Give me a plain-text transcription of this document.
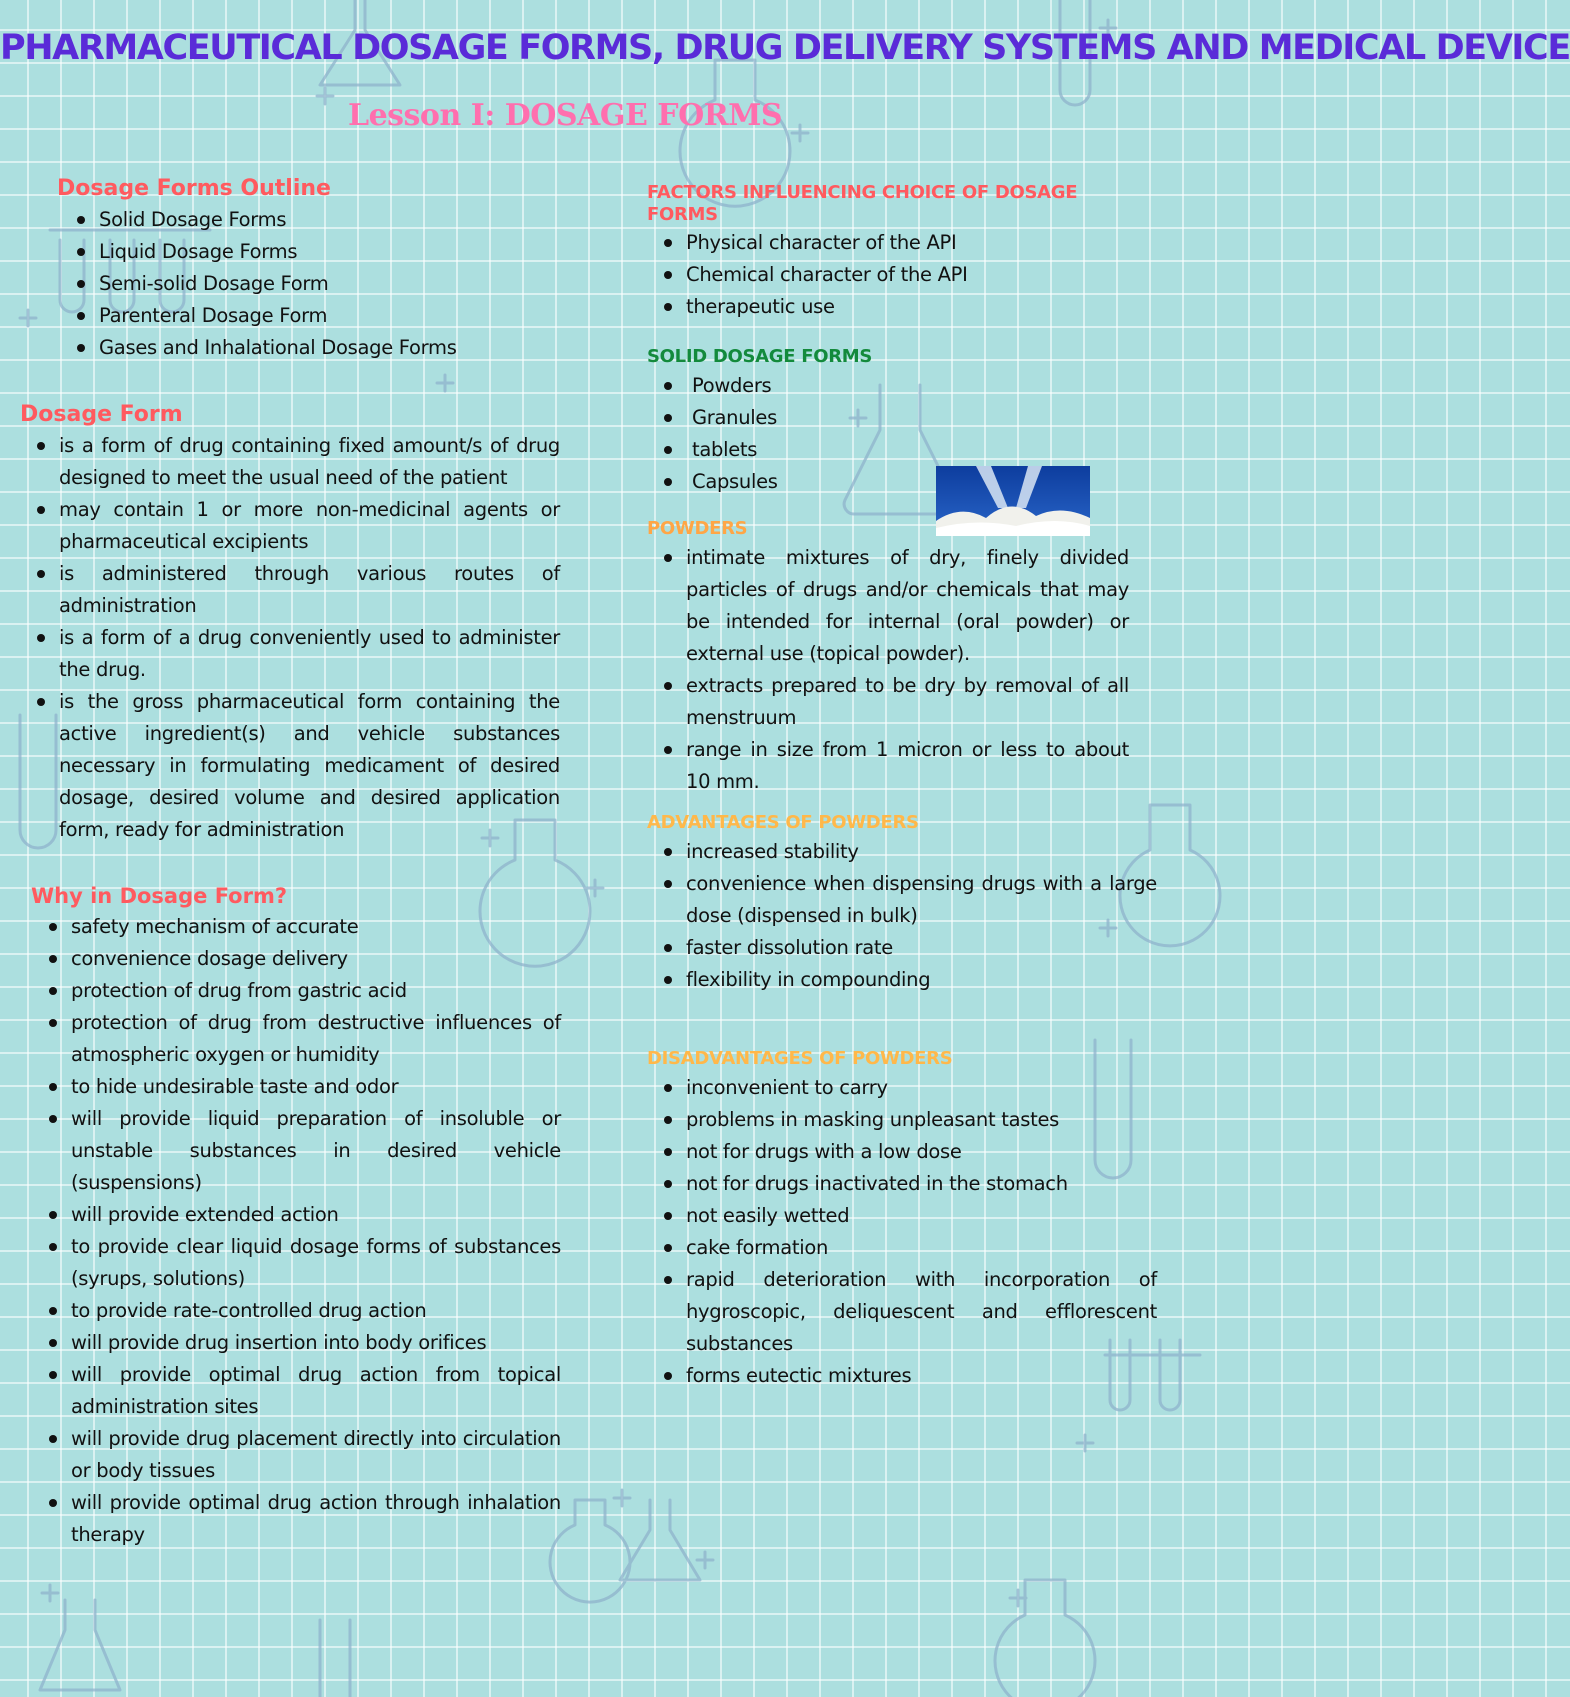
PHARMACEUTICAL DOSAGE FORMS, DRUG DELIVERY SYSTEMS AND MEDICAL DEVICE
Lesson I: DOSAGE FORMS
Dosage Forms Outline
Solid Dosage Forms
Liquid Dosage Forms
Semi-solid Dosage Form
Parenteral Dosage Form
Gases and Inhalational Dosage Forms
Dosage Form
is a form of drug containing fixed amount/s of drug designed to meet the usual need of the patient
may contain 1 or more non-medicinal agents or pharmaceutical excipients
is administered through various routes of administration
is a form of a drug conveniently used to administer the drug.
is the gross pharmaceutical form containing the active ingredient(s) and vehicle substances necessary in formulating medicament of desired dosage, desired volume and desired application form, ready for administration
Why in Dosage Form?
safety mechanism of accurate
convenience dosage delivery
protection of drug from gastric acid
protection of drug from destructive influences of atmospheric oxygen or humidity
to hide undesirable taste and odor
will provide liquid preparation of insoluble or unstable substances in desired vehicle (suspensions)
will provide extended action
to provide clear liquid dosage forms of substances (syrups, solutions)
to provide rate-controlled drug action
will provide drug insertion into body orifices
will provide optimal drug action from topical administration sites
will provide drug placement directly into circulation or body tissues
will provide optimal drug action through inhalation therapy
FACTORS INFLUENCING CHOICE OF DOSAGE FORMS
Physical character of the API
Chemical character of the API
therapeutic use
SOLID DOSAGE FORMS
Powders
Granules
tablets
Capsules
POWDERS
intimate mixtures of dry, finely divided particles of drugs and/or chemicals that may be intended for internal (oral powder) or external use (topical powder).
extracts prepared to be dry by removal of all menstruum
range in size from 1 micron or less to about 10 mm.
ADVANTAGES OF POWDERS
increased stability
convenience when dispensing drugs with a large dose (dispensed in bulk)
faster dissolution rate
flexibility in compounding
DISADVANTAGES OF POWDERS
inconvenient to carry
problems in masking unpleasant tastes
not for drugs with a low dose
not for drugs inactivated in the stomach
not easily wetted
cake formation
rapid deterioration with incorporation of hygroscopic, deliquescent and efflorescent substances
forms eutectic mixtures
